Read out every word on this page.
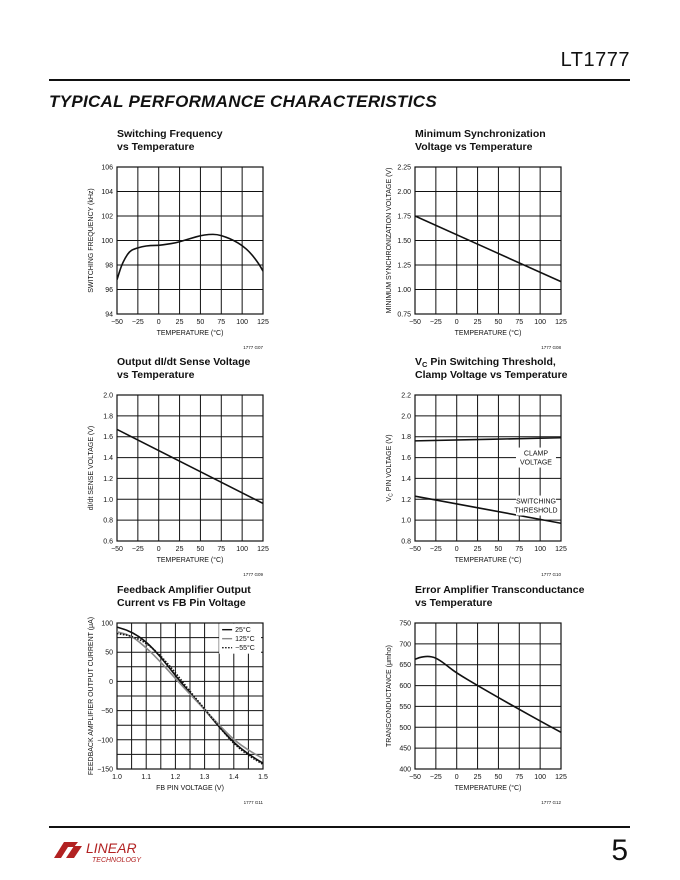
LT1777
TYPICAL PERFORMANCE CHARACTERISTICS
Switching Frequency
vs Temperature
−50 −25 0 25 50 75 100 125
94
96
98
100
102
104
106
TEMPERATURE (°C)
SWITCHING FREQUENCY (kHz)
1777 G07
Minimum Synchronization
Voltage vs Temperature
−50 −25 0 25 50 75 100 125
0.75
1.00
1.25
1.50
1.75
2.00
2.25
TEMPERATURE (°C)
MINIMUM SYNCHRONIZATION VOLTAGE (V)
1777 G08
Output dI/dt Sense Voltage
vs Temperature
−50 −25 0 25 50 75 100 125
0.6
0.8
1.0
1.2
1.4
1.6
1.8
2.0
TEMPERATURE (°C)
dI/dt SENSE VOLTAGE (V)
1777 G09
VC Pin Switching Threshold,
Clamp Voltage vs Temperature
−50 −25 0 25 50 75 100 125
0.8
1.0
1.2
1.4
1.6
1.8
2.0
2.2
TEMPERATURE (°C)
$V_C$ PIN VOLTAGE (V)
1777 G10
CLAMP
VOLTAGE
SWITCHING
THRESHOLD
Feedback Amplifier Output
Current vs FB Pin Voltage
1.0	1.1	1.2	1.3	1.4	1.5
−150
−100
−50
0
50
100
FB PIN VOLTAGE (V)
FEEDBACK AMPLIFIER OUTPUT CURRENT (μA)
1777 G11
25°C
125°C
−55°C
Error Amplifier Transconductance
vs Temperature
−50 −25 0 25 50 75 100 125
400
450
500
550
600
650
700
750
TEMPERATURE (°C)
TRANSCONDUCTANCE (μmho)
1777 G12
LINEAR
TECHNOLOGY	5
